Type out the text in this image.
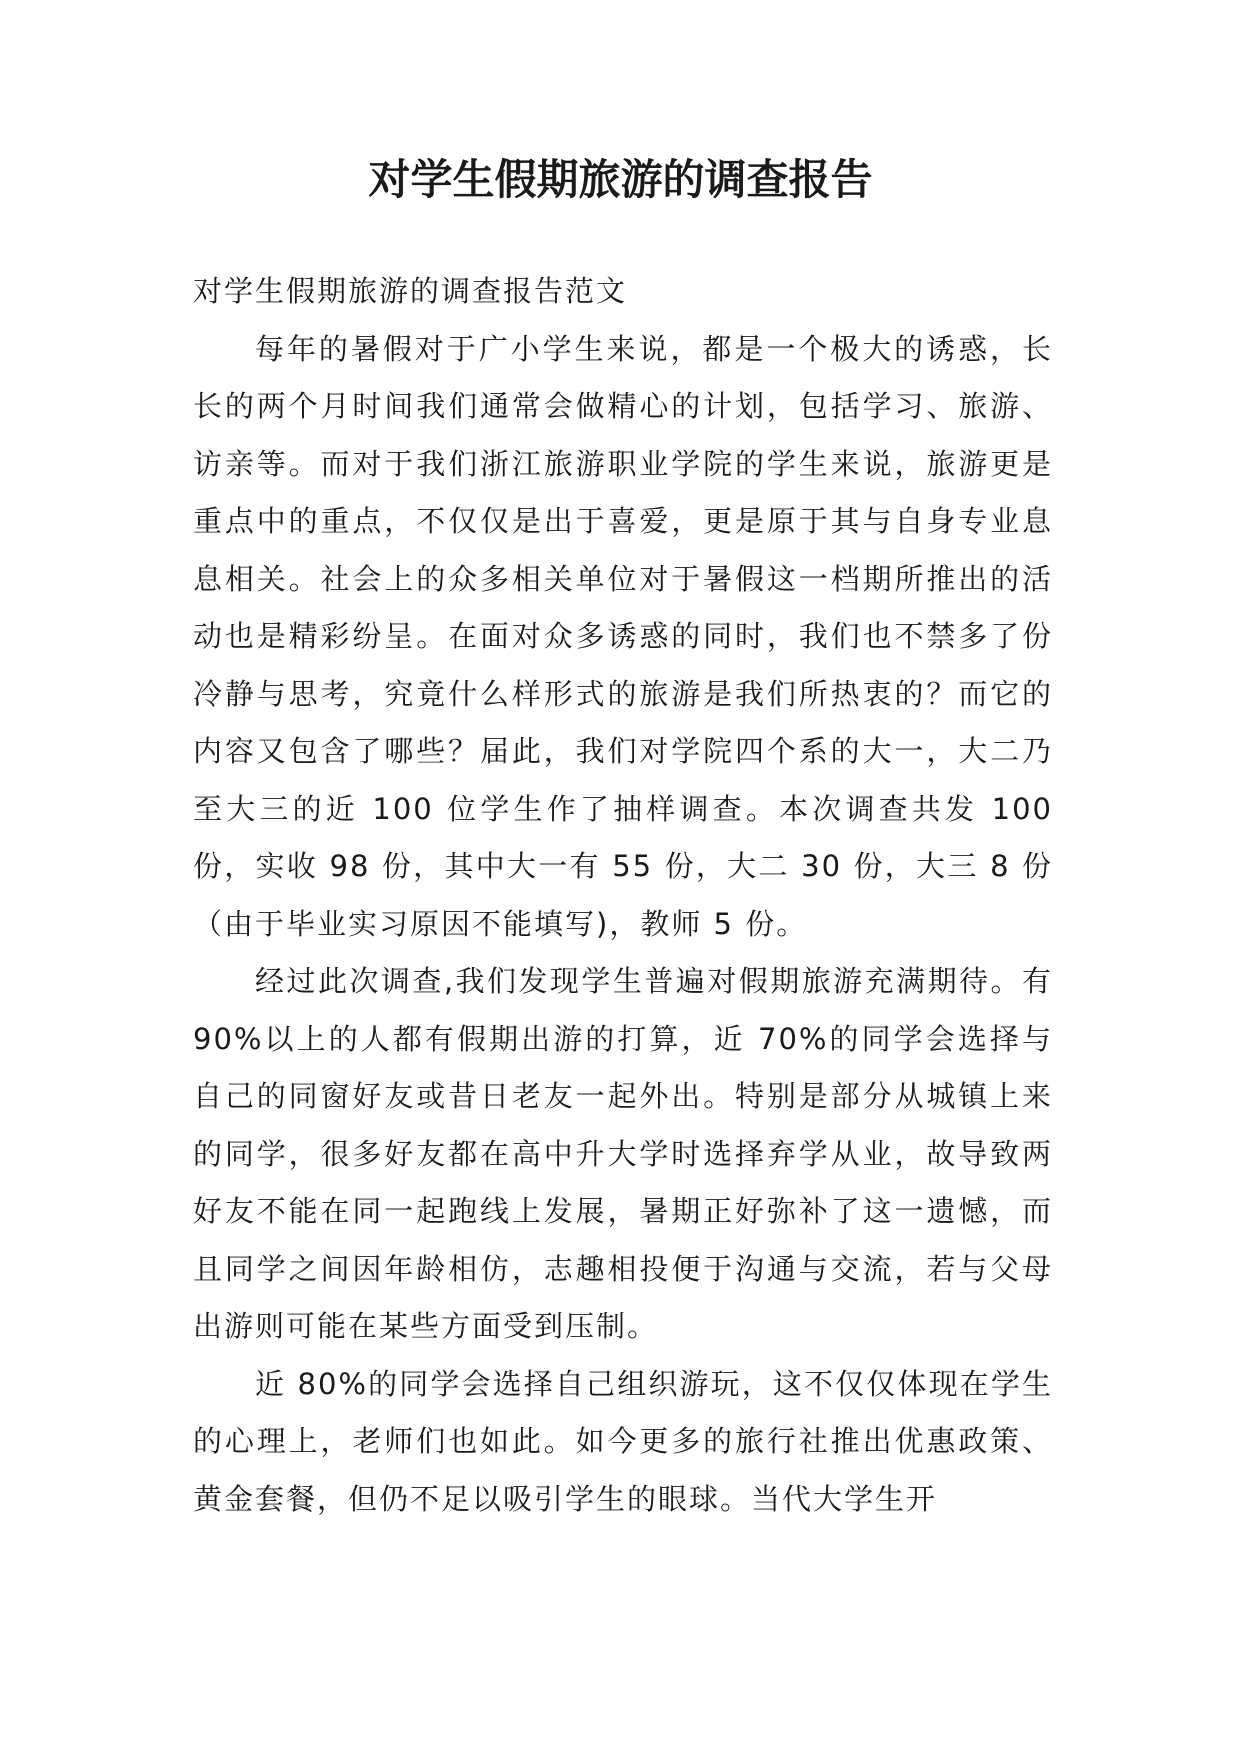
对学生假期旅游的调查报告

对学生假期旅游的调查报告范文

每年的暑假对于广小学生来说，都是一个极大的诱惑，长长的两个月时间我们通常会做精心的计划，包括学习、旅游、访亲等。而对于我们浙江旅游职业学院的学生来说，旅游更是重点中的重点，不仅仅是出于喜爱，更是原于其与自身专业息息相关。社会上的众多相关单位对于暑假这一档期所推出的活动也是精彩纷呈。在面对众多诱惑的同时，我们也不禁多了份冷静与思考，究竟什么样形式的旅游是我们所热衷的？而它的内容又包含了哪些？届此，我们对学院四个系的大一，大二乃至大三的近 100 位学生作了抽样调查。本次调查共发 100 份，实收 98 份，其中大一有 55 份，大二 30 份，大三 8 份（由于毕业实习原因不能填写)，教师 5 份。

经过此次调查,我们发现学生普遍对假期旅游充满期待。有 90%以上的人都有假期出游的打算，近 70%的同学会选择与自己的同窗好友或昔日老友一起外出。特别是部分从城镇上来的同学，很多好友都在高中升大学时选择弃学从业，故导致两好友不能在同一起跑线上发展，暑期正好弥补了这一遗憾，而且同学之间因年龄相仿，志趣相投便于沟通与交流，若与父母出游则可能在某些方面受到压制。

近 80%的同学会选择自己组织游玩，这不仅仅体现在学生的心理上，老师们也如此。如今更多的旅行社推出优惠政策、黄金套餐，但仍不足以吸引学生的眼球。当代大学生开
